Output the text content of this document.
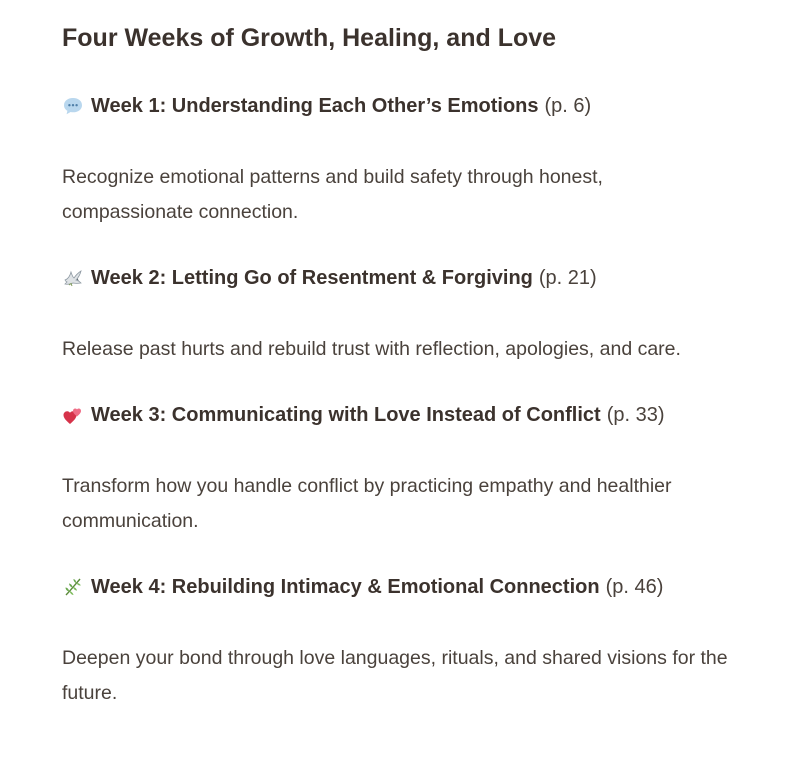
Four Weeks of Growth, Healing, and Love
Week 1: Understanding Each Other’s Emotions (p. 6)

Recognize emotional patterns and build safety through honest, compassionate connection.

Week 2: Letting Go of Resentment & Forgiving (p. 21)

Release past hurts and rebuild trust with reflection, apologies, and care.

Week 3: Communicating with Love Instead of Conflict (p. 33)

Transform how you handle conflict by practicing empathy and healthier communication.

Week 4: Rebuilding Intimacy & Emotional Connection (p. 46)

Deepen your bond through love languages, rituals, and shared visions for the future.
